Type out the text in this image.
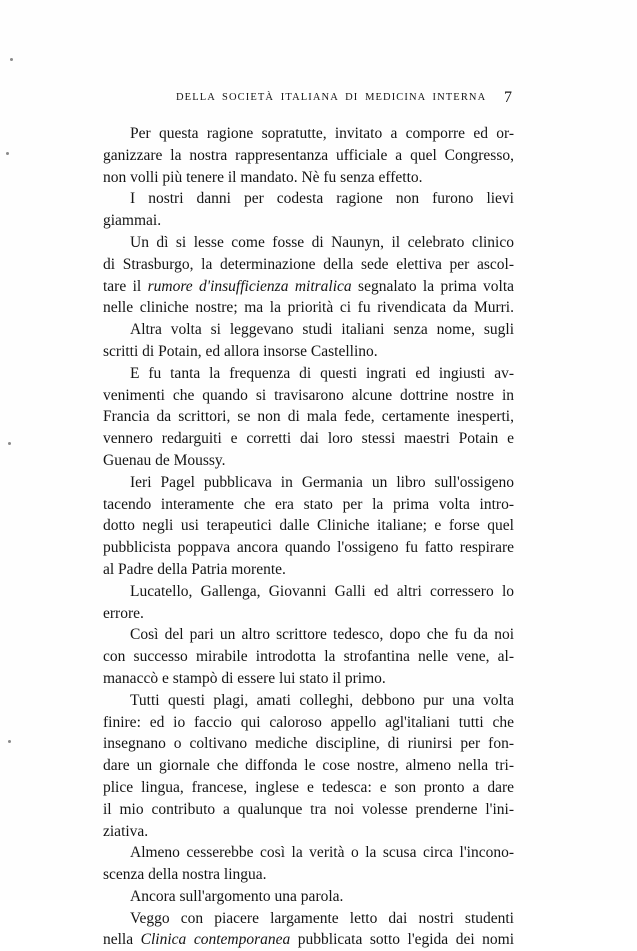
DELLA SOCIETÀ ITALIANA DI MEDICINA INTERNA 7
Per questa ragione sopratutte, invitato a comporre ed or-
ganizzare la nostra rappresentanza ufficiale a quel Congresso,
non volli più tenere il mandato. Nè fu senza effetto.
I nostri danni per codesta ragione non furono lievi
giammai.
Un dì si lesse come fosse di Naunyn, il celebrato clinico
di Strasburgo, la determinazione della sede elettiva per ascol-
tare il rumore d'insufficienza mitralica segnalato la prima volta
nelle cliniche nostre; ma la priorità ci fu rivendicata da Murri.
Altra volta si leggevano studi italiani senza nome, sugli
scritti di Potain, ed allora insorse Castellino.
E fu tanta la frequenza di questi ingrati ed ingiusti av-
venimenti che quando si travisarono alcune dottrine nostre in
Francia da scrittori, se non di mala fede, certamente inesperti,
vennero redarguiti e corretti dai loro stessi maestri Potain e
Guenau de Moussy.
Ieri Pagel pubblicava in Germania un libro sull'ossigeno
tacendo interamente che era stato per la prima volta intro-
dotto negli usi terapeutici dalle Cliniche italiane; e forse quel
pubblicista poppava ancora quando l'ossigeno fu fatto respirare
al Padre della Patria morente.
Lucatello, Gallenga, Giovanni Galli ed altri corressero lo
errore.
Così del pari un altro scrittore tedesco, dopo che fu da noi
con successo mirabile introdotta la strofantina nelle vene, al-
manaccò e stampò di essere lui stato il primo.
Tutti questi plagi, amati colleghi, debbono pur una volta
finire: ed io faccio qui caloroso appello agl'italiani tutti che
insegnano o coltivano mediche discipline, di riunirsi per fon-
dare un giornale che diffonda le cose nostre, almeno nella tri-
plice lingua, francese, inglese e tedesca: e son pronto a dare
il mio contributo a qualunque tra noi volesse prenderne l'ini-
ziativa.
Almeno cesserebbe così la verità o la scusa circa l'incono-
scenza della nostra lingua.
Ancora sull'argomento una parola.
Veggo con piacere largamente letto dai nostri studenti
nella Clinica contemporanea pubblicata sotto l'egida dei nomi
